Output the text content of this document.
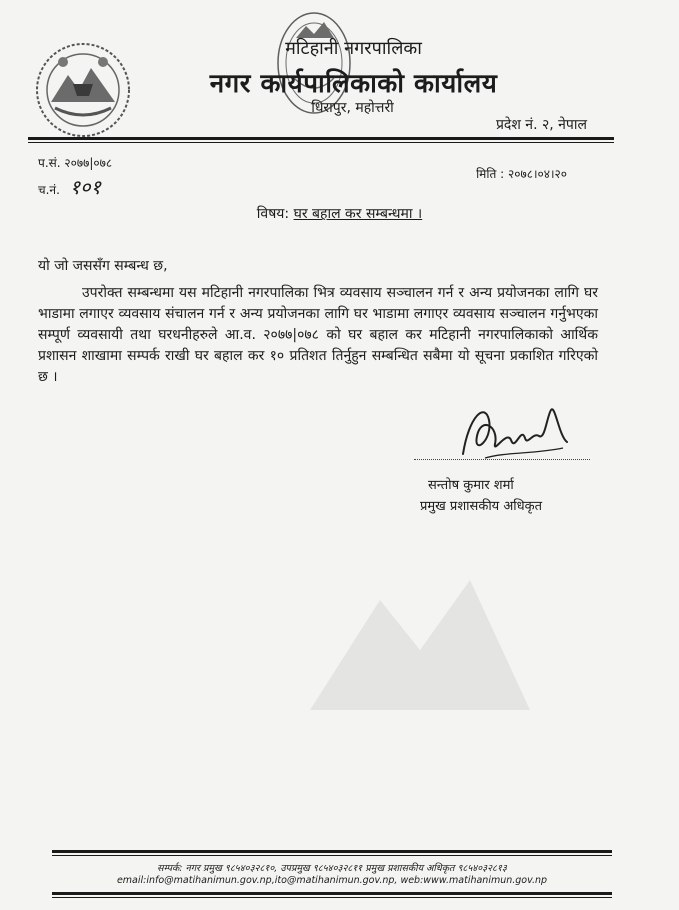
मटिहानी नगरपालिका
नगर कार्यपालिकाको कार्यालय
धिरापुर, महोत्तरी
प्रदेश नं. २, नेपाल
प.सं. २०७७|०७८
च.नं. १०१
मिति : २०७८।०४।२०
विषय: घर बहाल कर सम्बन्धमा ।
यो जो जससँग सम्बन्ध छ,
उपरोक्त सम्बन्धमा यस मटिहानी नगरपालिका भित्र व्यवसाय सञ्चालन गर्न र अन्य प्रयोजनका लागि घर भाडामा लगाएर व्यवसाय संचालन गर्न र अन्य प्रयोजनका लागि घर भाडामा लगाएर व्यवसाय सञ्चालन गर्नुभएका सम्पूर्ण व्यवसायी तथा घरधनीहरुले आ.व. २०७७|०७८ को घर बहाल कर मटिहानी नगरपालिकाको आर्थिक प्रशासन शाखामा सम्पर्क राखी घर बहाल कर १० प्रतिशत तिर्नुहुन सम्बन्धित सबैमा यो सूचना प्रकाशित गरिएको छ ।
सन्तोष कुमार शर्मा
प्रमुख प्रशासकीय अधिकृत
सम्पर्क: नगर प्रमुख ९८५४०३२८१०, उपप्रमुख ९८५४०३२८११ प्रमुख प्रशासकीय अधिकृत ९८५४०३२८१३
email:info@matihanimun.gov.np,ito@matihanimun.gov.np, web:www.matihanimun.gov.np
